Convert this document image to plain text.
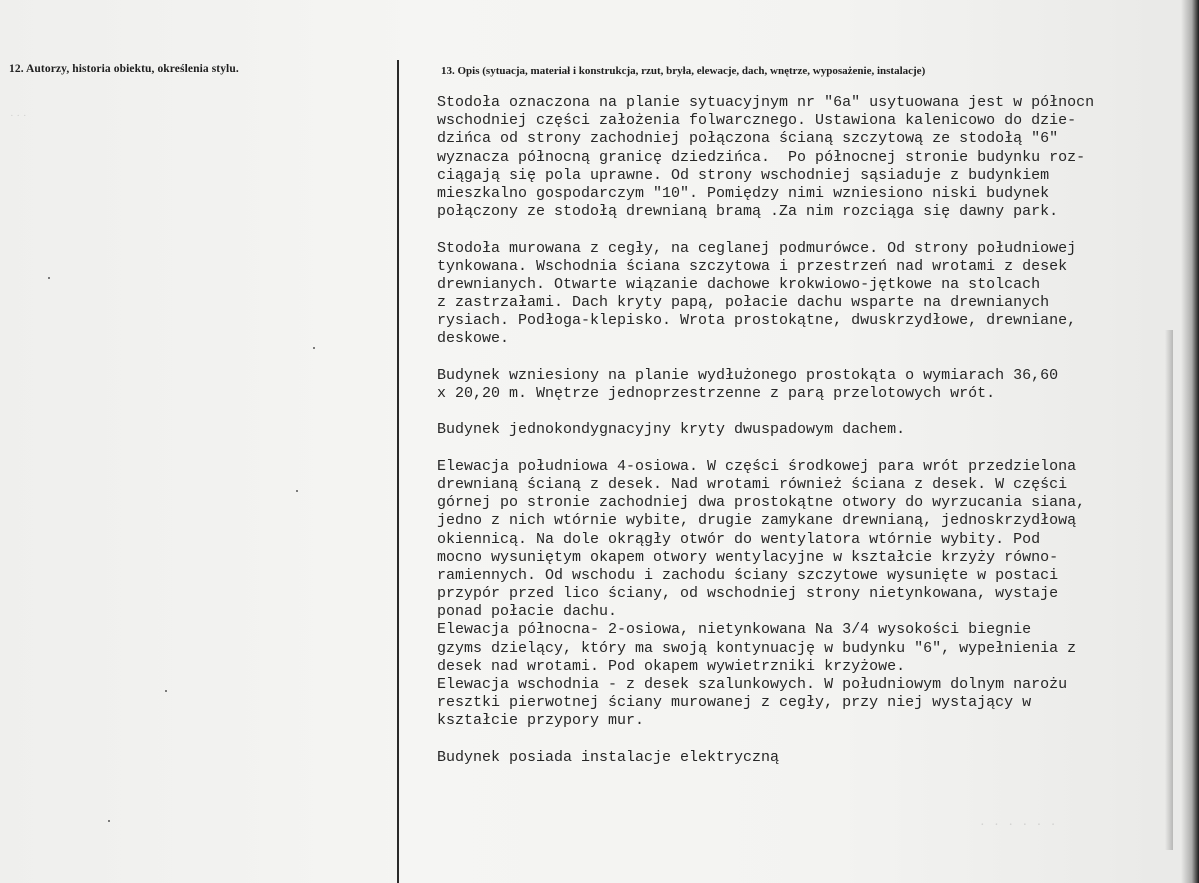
· · ·
· · · · · ·
12. Autorzy, historia obiektu, określenia stylu.	13. Opis (sytuacja, materiał i konstrukcja, rzut, bryła, elewacje, dach, wnętrze, wyposażenie, instalacje)
Stodoła oznaczona na planie sytuacyjnym nr "6a" usytuowana jest w północn
wschodniej części założenia folwarcznego. Ustawiona kalenicowo do dzie-
dzińca od strony zachodniej połączona ścianą szczytową ze stodołą "6"
wyznacza północną granicę dziedzińca.  Po północnej stronie budynku roz-
ciągają się pola uprawne. Od strony wschodniej sąsiaduje z budynkiem
mieszkalno gospodarczym "10". Pomiędzy nimi wzniesiono niski budynek
połączony ze stodołą drewnianą bramą .Za nim rozciąga się dawny park.
Stodoła murowana z cegły, na ceglanej podmurówce. Od strony południowej
tynkowana. Wschodnia ściana szczytowa i przestrzeń nad wrotami z desek
drewnianych. Otwarte wiązanie dachowe krokwiowo-jętkowe na stolcach
z zastrzałami. Dach kryty papą, połacie dachu wsparte na drewnianych
rysiach. Podłoga-klepisko. Wrota prostokątne, dwuskrzydłowe, drewniane,
deskowe.
Budynek wzniesiony na planie wydłużonego prostokąta o wymiarach 36,60
x 20,20 m. Wnętrze jednoprzestrzenne z parą przelotowych wrót.
Budynek jednokondygnacyjny kryty dwuspadowym dachem.
Elewacja południowa 4-osiowa. W części środkowej para wrót przedzielona
drewnianą ścianą z desek. Nad wrotami również ściana z desek. W części
górnej po stronie zachodniej dwa prostokątne otwory do wyrzucania siana,
jedno z nich wtórnie wybite, drugie zamykane drewnianą, jednoskrzydłową
okiennicą. Na dole okrągły otwór do wentylatora wtórnie wybity. Pod
mocno wysuniętym okapem otwory wentylacyjne w kształcie krzyży równo-
ramiennych. Od wschodu i zachodu ściany szczytowe wysunięte w postaci
przypór przed lico ściany, od wschodniej strony nietynkowana, wystaje
ponad połacie dachu.
Elewacja północna- 2-osiowa, nietynkowana Na 3/4 wysokości biegnie
gzyms dzielący, który ma swoją kontynuację w budynku "6", wypełnienia z
desek nad wrotami. Pod okapem wywietrzniki krzyżowe.
Elewacja wschodnia - z desek szalunkowych. W południowym dolnym narożu
resztki pierwotnej ściany murowanej z cegły, przy niej wystający w
kształcie przypory mur.
Budynek posiada instalacje elektryczną
